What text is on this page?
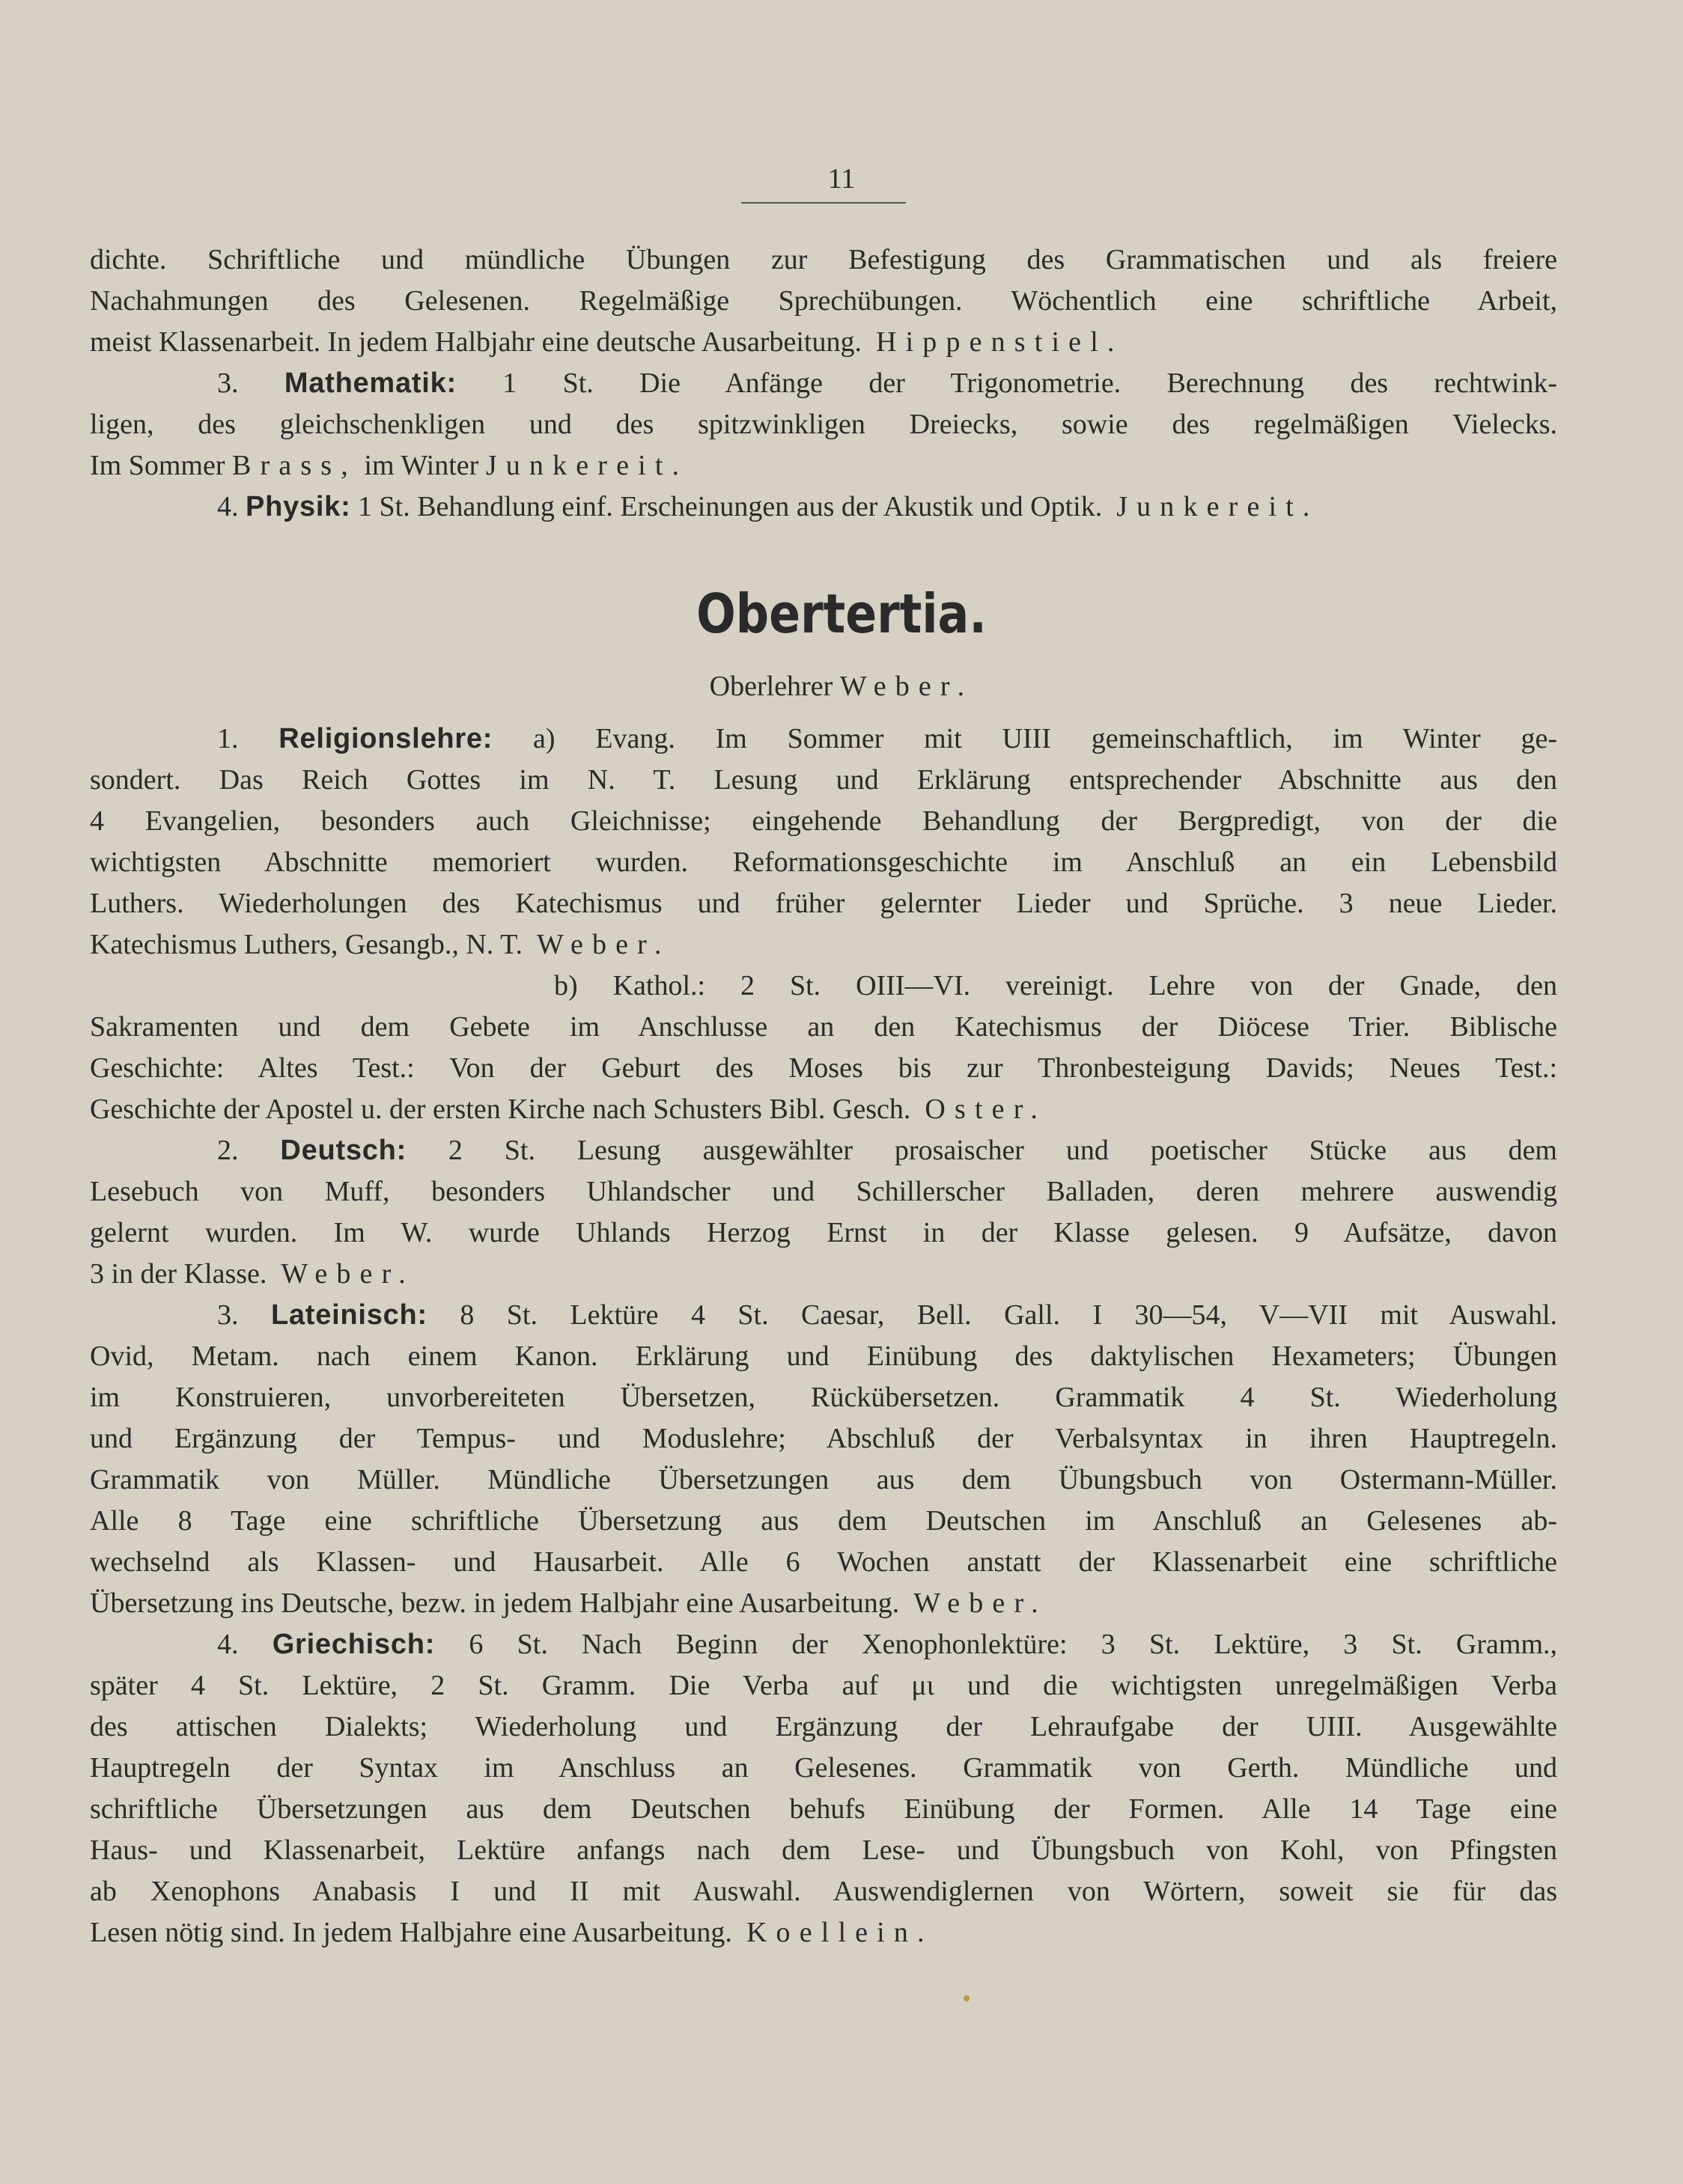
11
dichte. Schriftliche und mündliche Übungen zur Befestigung des Grammatischen und als freiere
Nachahmungen des Gelesenen. Regelmäßige Sprechübungen. Wöchentlich eine schriftliche Arbeit,
meist Klassenarbeit. In jedem Halbjahr eine deutsche Ausarbeitung. Hippenstiel.
3. Mathematik: 1 St. Die Anfänge der Trigonometrie. Berechnung des rechtwink-
ligen, des gleichschenkligen und des spitzwinkligen Dreiecks, sowie des regelmäßigen Vielecks.
Im Sommer Brass, im Winter Junkereit.
4. Physik: 1 St. Behandlung einf. Erscheinungen aus der Akustik und Optik. Junkereit.
Obertertia.
Oberlehrer Weber.
1. Religionslehre: a) Evang. Im Sommer mit UIII gemeinschaftlich, im Winter ge-
sondert. Das Reich Gottes im N. T. Lesung und Erklärung entsprechender Abschnitte aus den
4 Evangelien, besonders auch Gleichnisse; eingehende Behandlung der Bergpredigt, von der die
wichtigsten Abschnitte memoriert wurden. Reformationsgeschichte im Anschluß an ein Lebensbild
Luthers. Wiederholungen des Katechismus und früher gelernter Lieder und Sprüche. 3 neue Lieder.
Katechismus Luthers, Gesangb., N. T. Weber.
b) Kathol.: 2 St. OIII—VI. vereinigt. Lehre von der Gnade, den
Sakramenten und dem Gebete im Anschlusse an den Katechismus der Diöcese Trier. Biblische
Geschichte: Altes Test.: Von der Geburt des Moses bis zur Thronbesteigung Davids; Neues Test.:
Geschichte der Apostel u. der ersten Kirche nach Schusters Bibl. Gesch. Oster.
2. Deutsch: 2 St. Lesung ausgewählter prosaischer und poetischer Stücke aus dem
Lesebuch von Muff, besonders Uhlandscher und Schillerscher Balladen, deren mehrere auswendig
gelernt wurden. Im W. wurde Uhlands Herzog Ernst in der Klasse gelesen. 9 Aufsätze, davon
3 in der Klasse. Weber.
3. Lateinisch: 8 St. Lektüre 4 St. Caesar, Bell. Gall. I 30—54, V—VII mit Auswahl.
Ovid, Metam. nach einem Kanon. Erklärung und Einübung des daktylischen Hexameters; Übungen
im Konstruieren, unvorbereiteten Übersetzen, Rückübersetzen. Grammatik 4 St. Wiederholung
und Ergänzung der Tempus- und Moduslehre; Abschluß der Verbalsyntax in ihren Hauptregeln.
Grammatik von Müller. Mündliche Übersetzungen aus dem Übungsbuch von Ostermann-Müller.
Alle 8 Tage eine schriftliche Übersetzung aus dem Deutschen im Anschluß an Gelesenes ab-
wechselnd als Klassen- und Hausarbeit. Alle 6 Wochen anstatt der Klassenarbeit eine schriftliche
Übersetzung ins Deutsche, bezw. in jedem Halbjahr eine Ausarbeitung. Weber.
4. Griechisch: 6 St. Nach Beginn der Xenophonlektüre: 3 St. Lektüre, 3 St. Gramm.,
später 4 St. Lektüre, 2 St. Gramm. Die Verba auf μι und die wichtigsten unregelmäßigen Verba
des attischen Dialekts; Wiederholung und Ergänzung der Lehraufgabe der UIII. Ausgewählte
Hauptregeln der Syntax im Anschluss an Gelesenes. Grammatik von Gerth. Mündliche und
schriftliche Übersetzungen aus dem Deutschen behufs Einübung der Formen. Alle 14 Tage eine
Haus- und Klassenarbeit, Lektüre anfangs nach dem Lese- und Übungsbuch von Kohl, von Pfingsten
ab Xenophons Anabasis I und II mit Auswahl. Auswendiglernen von Wörtern, soweit sie für das
Lesen nötig sind. In jedem Halbjahre eine Ausarbeitung. Koellein.
